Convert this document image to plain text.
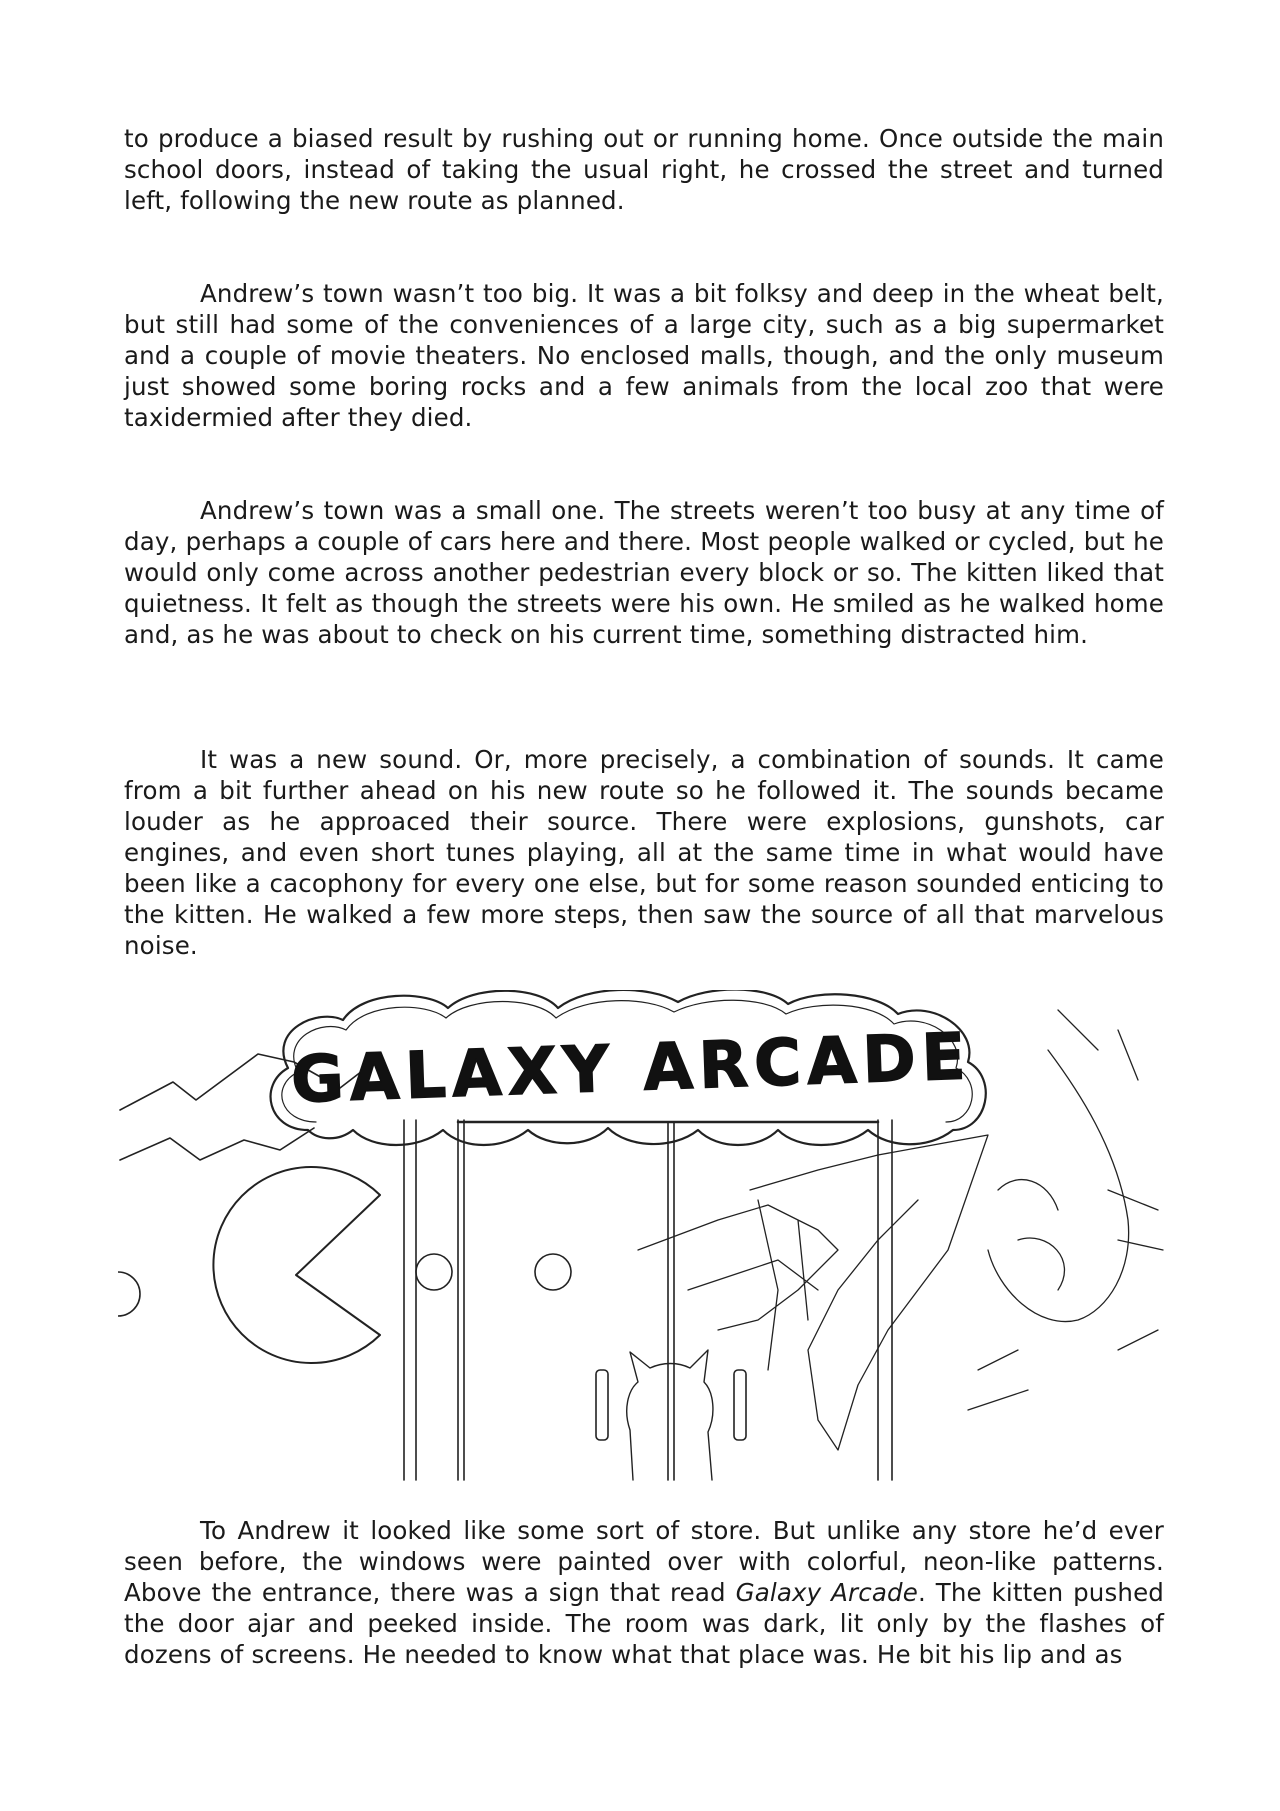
to produce a biased result by rushing out or running home. Once outside the main school doors, instead of taking the usual right, he crossed the street and turned left, following the new route as planned.

Andrew’s town wasn’t too big. It was a bit folksy and deep in the wheat belt, but still had some of the conveniences of a large city, such as a big supermarket and a couple of movie theaters. No enclosed malls, though, and the only museum just showed some boring rocks and a few animals from the local zoo that were taxidermied after they died.

Andrew’s town was a small one. The streets weren’t too busy at any time of day, perhaps a couple of cars here and there. Most people walked or cycled, but he would only come across another pedestrian every block or so. The kitten liked that quietness. It felt as though the streets were his own. He smiled as he walked home and, as he was about to check on his current time, something distracted him.

It was a new sound. Or, more precisely, a combination of sounds. It came from a bit further ahead on his new route so he followed it. The sounds became louder as he approaced their source. There were explosions, gunshots, car engines, and even short tunes playing, all at the same time in what would have been like a cacophony for every one else, but for some reason sounded enticing to the kitten. He walked a few more steps, then saw the source of all that marvelous noise.

GALAXY ARCADE

To Andrew it looked like some sort of store. But unlike any store he’d ever seen before, the windows were painted over with colorful, neon-like patterns. Above the entrance, there was a sign that read Galaxy Arcade. The kitten pushed the door ajar and peeked inside. The room was dark, lit only by the flashes of dozens of screens. He needed to know what that place was. He bit his lip and as
